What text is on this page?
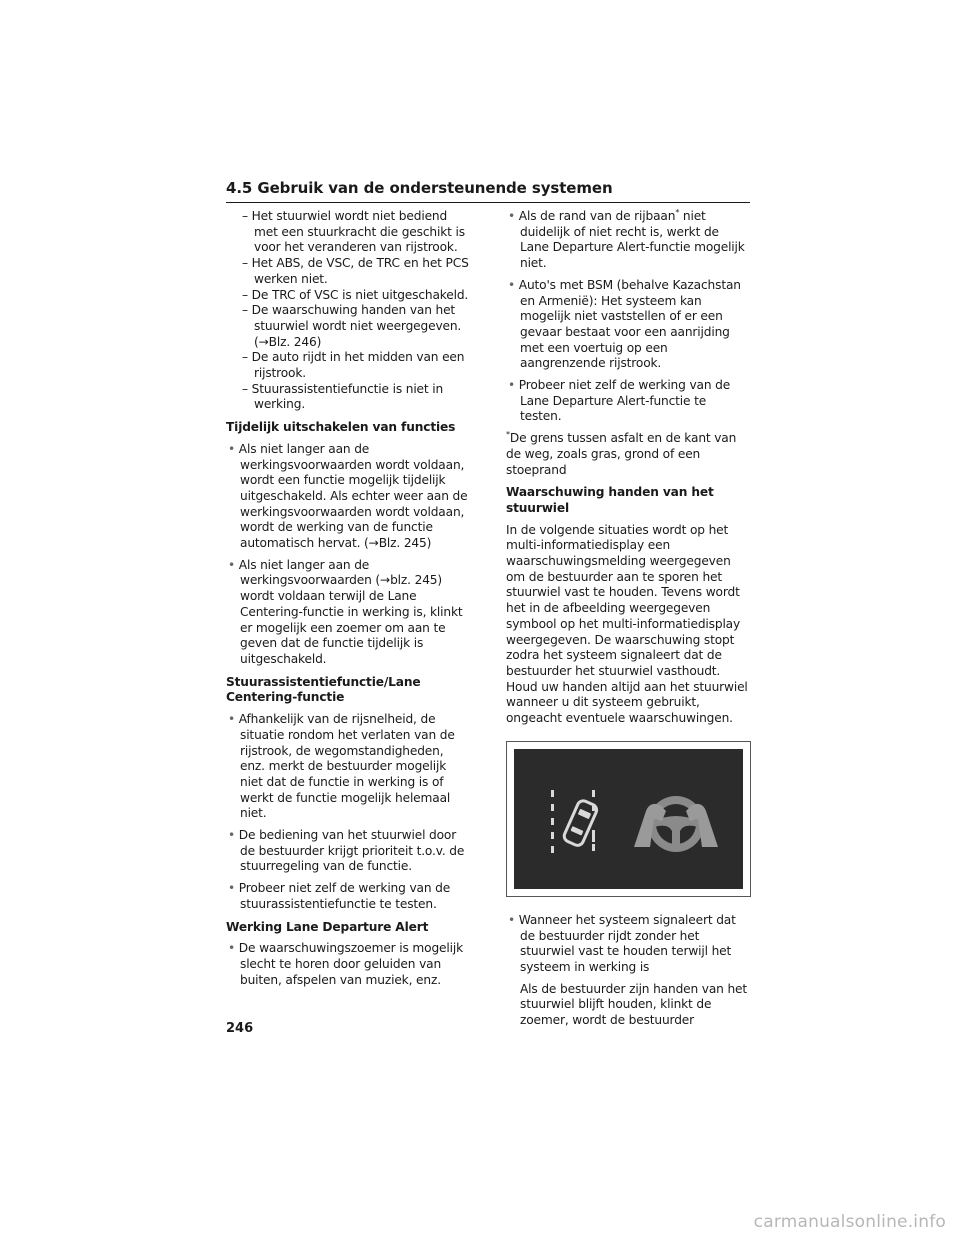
4.5 Gebruik van de ondersteunende systemen
– Het stuurwiel wordt niet bediend met een stuurkracht die geschikt is voor het veranderen van rijstrook.
– Het ABS, de VSC, de TRC en het PCS werken niet.
– De TRC of VSC is niet uitgeschakeld.
– De waarschuwing handen van het stuurwiel wordt niet weergegeven. (→Blz. 246)
– De auto rijdt in het midden van een rijstrook.
– Stuurassistentiefunctie is niet in werking.
Tijdelijk uitschakelen van functies
• Als niet langer aan de werkingsvoorwaarden wordt voldaan, wordt een functie mogelijk tijdelijk uitgeschakeld. Als echter weer aan de werkingsvoorwaarden wordt voldaan, wordt de werking van de functie automatisch hervat. (→Blz. 245)
• Als niet langer aan de werkingsvoorwaarden (→blz. 245) wordt voldaan terwijl de Lane Centering-functie in werking is, klinkt er mogelijk een zoemer om aan te geven dat de functie tijdelijk is uitgeschakeld.
Stuurassistentiefunctie/Lane Centering-functie
• Afhankelijk van de rijsnelheid, de situatie rondom het verlaten van de rijstrook, de wegomstandigheden, enz. merkt de bestuurder mogelijk niet dat de functie in werking is of werkt de functie mogelijk helemaal niet.
• De bediening van het stuurwiel door de bestuurder krijgt prioriteit t.o.v. de stuurregeling van de functie.
• Probeer niet zelf de werking van de stuurassistentiefunctie te testen.
Werking Lane Departure Alert
• De waarschuwingszoemer is mogelijk slecht te horen door geluiden van buiten, afspelen van muziek, enz.
• Als de rand van de rijbaan* niet duidelijk of niet recht is, werkt de Lane Departure Alert-functie mogelijk niet.
• Auto's met BSM (behalve Kazachstan en Armenië): Het systeem kan mogelijk niet vaststellen of er een gevaar bestaat voor een aanrijding met een voertuig op een aangrenzende rijstrook.
• Probeer niet zelf de werking van de Lane Departure Alert-functie te testen.
*De grens tussen asfalt en de kant van de weg, zoals gras, grond of een stoeprand
Waarschuwing handen van het stuurwiel
In de volgende situaties wordt op het multi-informatiedisplay een waarschuwingsmelding weergegeven om de bestuurder aan te sporen het stuurwiel vast te houden. Tevens wordt het in de afbeelding weergegeven symbool op het multi-informatiedisplay weergegeven. De waarschuwing stopt zodra het systeem signaleert dat de bestuurder het stuurwiel vasthoudt. Houd uw handen altijd aan het stuurwiel wanneer u dit systeem gebruikt, ongeacht eventuele waarschuwingen.
• Wanneer het systeem signaleert dat de bestuurder rijdt zonder het stuurwiel vast te houden terwijl het systeem in werking is
Als de bestuurder zijn handen van het stuurwiel blijft houden, klinkt de zoemer, wordt de bestuurder
246
carmanualsonline.info
